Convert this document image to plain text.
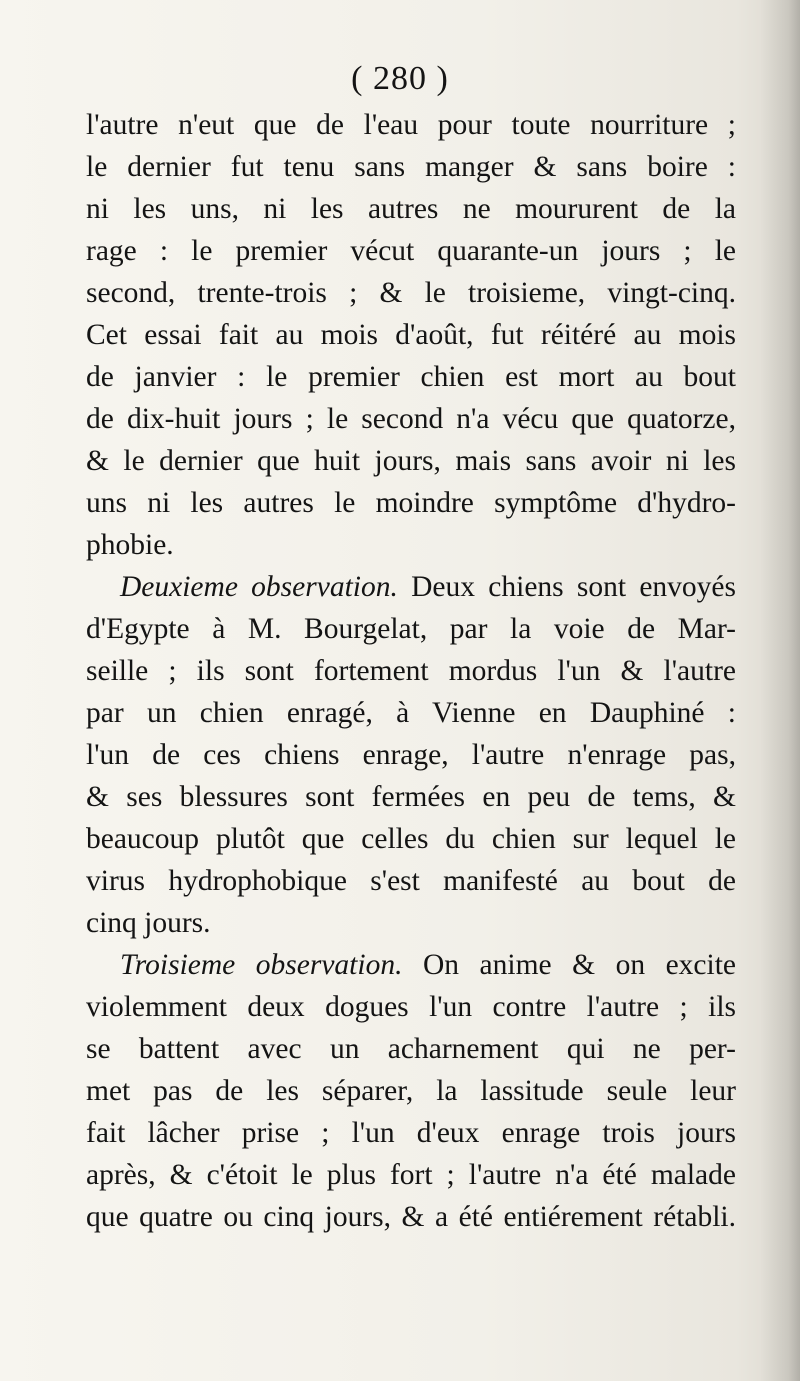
( 280 )
l'autre n'eut que de l'eau pour toute nourriture ;
le dernier fut tenu sans manger & sans boire :
ni les uns, ni les autres ne moururent de la
rage : le premier vécut quarante-un jours ; le
second, trente-trois ; & le troisieme, vingt-cinq.
Cet essai fait au mois d'août, fut réitéré au mois
de janvier : le premier chien est mort au bout
de dix-huit jours ; le second n'a vécu que quatorze,
& le dernier que huit jours, mais sans avoir ni les
uns ni les autres le moindre symptôme d'hydro-
phobie.
Deuxieme observation. Deux chiens sont envoyés
d'Egypte à M. Bourgelat, par la voie de Mar-
seille ; ils sont fortement mordus l'un & l'autre
par un chien enragé, à Vienne en Dauphiné :
l'un de ces chiens enrage, l'autre n'enrage pas,
& ses blessures sont fermées en peu de tems, &
beaucoup plutôt que celles du chien sur lequel le
virus hydrophobique s'est manifesté au bout de
cinq jours.
Troisieme observation. On anime & on excite
violemment deux dogues l'un contre l'autre ; ils
se battent avec un acharnement qui ne per-
met pas de les séparer, la lassitude seule leur
fait lâcher prise ; l'un d'eux enrage trois jours
après, & c'étoit le plus fort ; l'autre n'a été malade
que quatre ou cinq jours, & a été entiérement rétabli.
